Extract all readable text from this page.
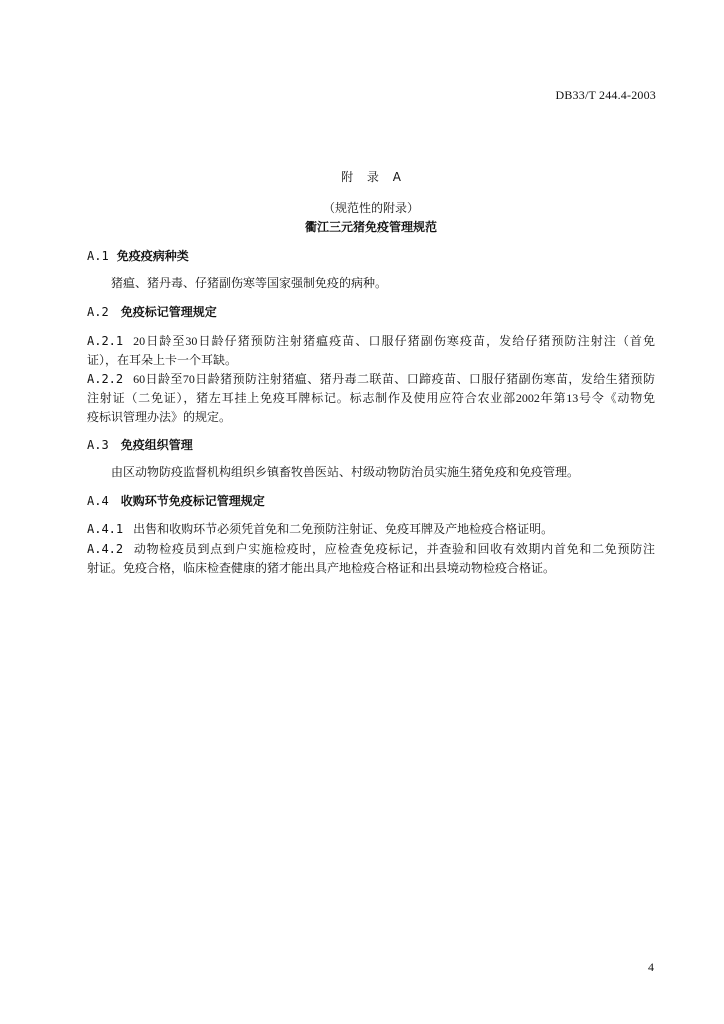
DB33/T 244.4-2003
附 录 A
（规范性的附录）
衢江三元猪免疫管理规范
A.1 免疫疫病种类
猪瘟、猪丹毒、仔猪副伤寒等国家强制免疫的病种。
A.2 免疫标记管理规定
A.2.1 20日龄至30日龄仔猪预防注射猪瘟疫苗、口服仔猪副伤寒疫苗，发给仔猪预防注射注（首免
证），在耳朵上卡一个耳缺。
A.2.2 60日龄至70日龄猪预防注射猪瘟、猪丹毒二联苗、口蹄疫苗、口服仔猪副伤寒苗，发给生猪预防
注射证（二免证），猪左耳挂上免疫耳牌标记。标志制作及使用应符合农业部2002年第13号令《动物免
疫标识管理办法》的规定。
A.3 免疫组织管理
由区动物防疫监督机构组织乡镇畜牧兽医站、村级动物防治员实施生猪免疫和免疫管理。
A.4 收购环节免疫标记管理规定
A.4.1 出售和收购环节必须凭首免和二免预防注射证、免疫耳牌及产地检疫合格证明。
A.4.2 动物检疫员到点到户实施检疫时，应检查免疫标记，并查验和回收有效期内首免和二免预防注
射证。免疫合格，临床检查健康的猪才能出具产地检疫合格证和出县境动物检疫合格证。
4
